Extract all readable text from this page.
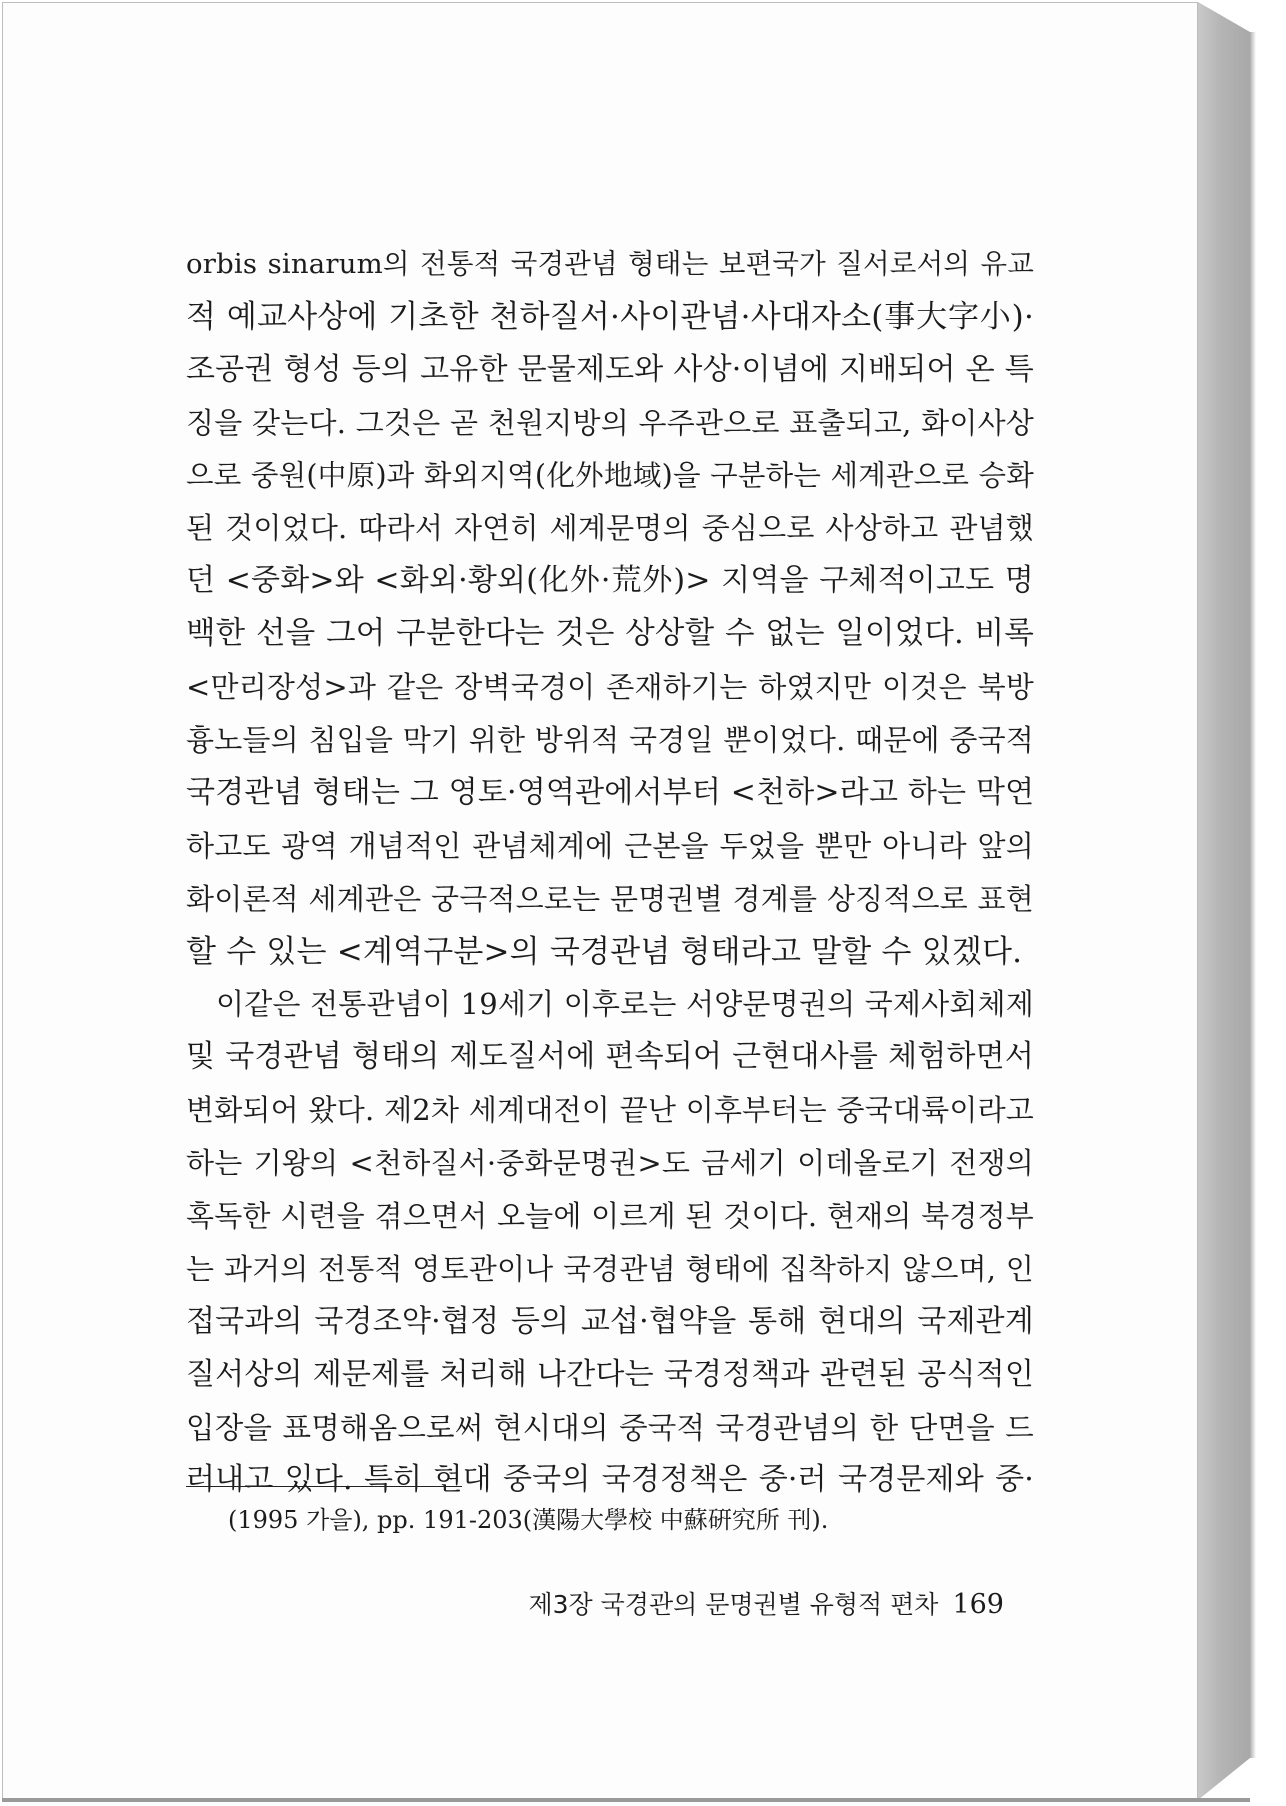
orbis sinarum의 전통적 국경관념 형태는 보편국가 질서로서의 유교
적 예교사상에 기초한 천하질서·사이관념·사대자소(事大字小)·
조공권 형성 등의 고유한 문물제도와 사상·이념에 지배되어 온 특
징을 갖는다. 그것은 곧 천원지방의 우주관으로 표출되고, 화이사상
으로 중원(中原)과 화외지역(化外地域)을 구분하는 세계관으로 승화
된 것이었다. 따라서 자연히 세계문명의 중심으로 사상하고 관념했
던 <중화>와 <화외·황외(化外·荒外)> 지역을 구체적이고도 명
백한 선을 그어 구분한다는 것은 상상할 수 없는 일이었다. 비록
<만리장성>과 같은 장벽국경이 존재하기는 하였지만 이것은 북방
흉노들의 침입을 막기 위한 방위적 국경일 뿐이었다. 때문에 중국적
국경관념 형태는 그 영토·영역관에서부터 <천하>라고 하는 막연
하고도 광역 개념적인 관념체계에 근본을 두었을 뿐만 아니라 앞의
화이론적 세계관은 궁극적으로는 문명권별 경계를 상징적으로 표현
할 수 있는 <계역구분>의 국경관념 형태라고 말할 수 있겠다.
이같은 전통관념이 19세기 이후로는 서양문명권의 국제사회체제
및 국경관념 형태의 제도질서에 편속되어 근현대사를 체험하면서
변화되어 왔다. 제2차 세계대전이 끝난 이후부터는 중국대륙이라고
하는 기왕의 <천하질서·중화문명권>도 금세기 이데올로기 전쟁의
혹독한 시련을 겪으면서 오늘에 이르게 된 것이다. 현재의 북경정부
는 과거의 전통적 영토관이나 국경관념 형태에 집착하지 않으며, 인
접국과의 국경조약·협정 등의 교섭·협약을 통해 현대의 국제관계
질서상의 제문제를 처리해 나간다는 국경정책과 관련된 공식적인
입장을 표명해옴으로써 현시대의 중국적 국경관념의 한 단면을 드
러내고 있다. 특히 현대 중국의 국경정책은 중·러 국경문제와 중·
(1995 가을), pp. 191-203(漢陽大學校 中蘇硏究所 刊).
제3장 국경관의 문명권별 유형적 편차 169
